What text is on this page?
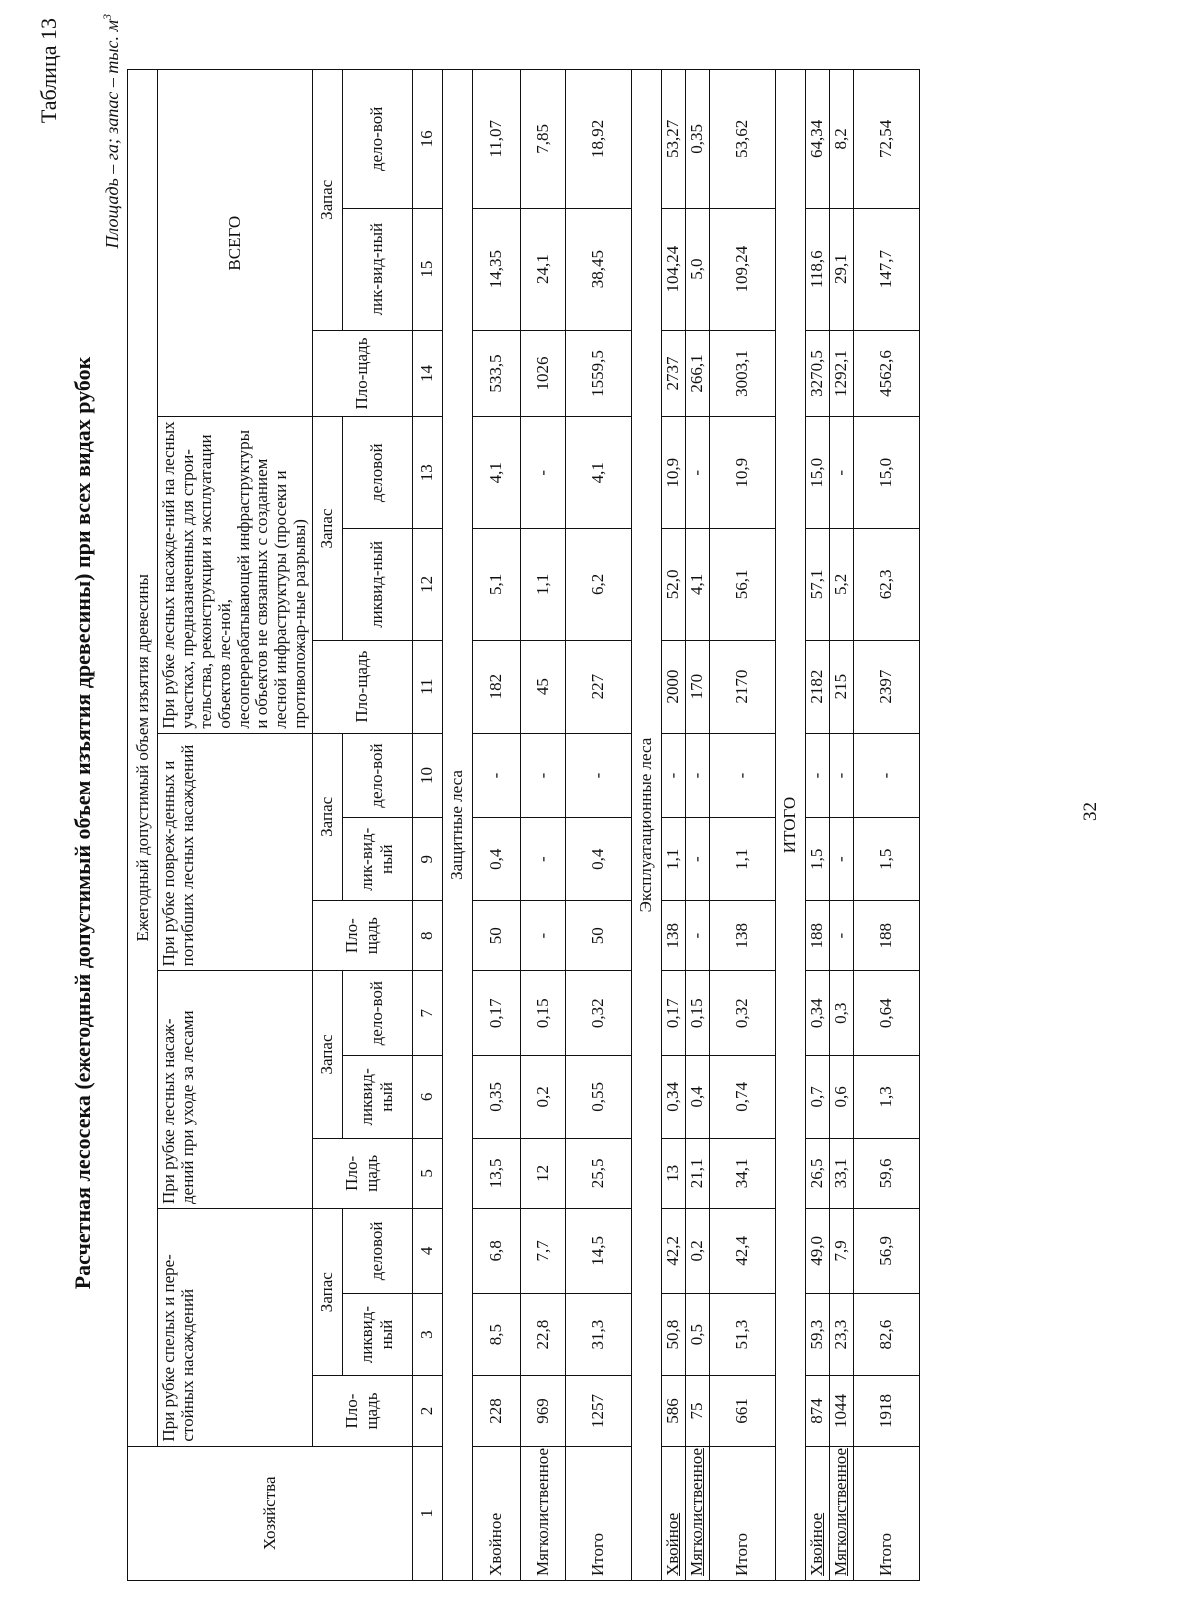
Таблица 13
Расчетная лесосека (ежегодный допустимый объем изъятия древесины) при всех видах рубок
Площадь – га; запас – тыс. $м^3$
Хозяйства	Ежегодный допустимый объем изъятия древесины														
	При рубке спелых и пере-стойных насаждений			При рубке лесных насаж-дений при уходе за лесами			При рубке повреж-денных и погибших лесных насаждений			При рубке лесных насажде-ний на лесных участках, предназначенных для строи-тельства, реконструкции и эксплуатации объектов лес-ной, лесоперерабатывающей инфраструктуры и объектов не связанных с созданием лесной инфраструктуры (просеки и противопожар-ные разрывы)			ВСЕГО		
	Пло-щадь	Запас		Пло-щадь	Запас		Пло-щадь	Запас		Пло-щадь	Запас		Пло-щадь	Запас	
		ликвид-ный	деловой		ликвид-ный	дело-вой		лик-вид-ный	дело-вой		ликвид-ный	деловой		лик-вид-ный	дело-вой
1	2	3	4	5	6	7	8	9	10	11	12	13	14	15	16
Защитные леса															
Хвойное	228	8,5	6,8	13,5	0,35	0,17	50	0,4	-	182	5,1	4,1	533,5	14,35	11,07
Мягколиственное	969	22,8	7,7	12	0,2	0,15	-	-	-	45	1,1	-	1026	24,1	7,85
Итого	1257	31,3	14,5	25,5	0,55	0,32	50	0,4	-	227	6,2	4,1	1559,5	38,45	18,92
Эксплуатационные леса															
Хвойное	586	50,8	42,2	13	0,34	0,17	138	1,1	-	2000	52,0	10,9	2737	104,24	53,27
Мягколиственное	75	0,5	0,2	21,1	0,4	0,15	-	-	-	170	4,1	-	266,1	5,0	0,35
Итого	661	51,3	42,4	34,1	0,74	0,32	138	1,1	-	2170	56,1	10,9	3003,1	109,24	53,62
ИТОГО															
Хвойное	874	59,3	49,0	26,5	0,7	0,34	188	1,5	-	2182	57,1	15,0	3270,5	118,6	64,34
Мягколиственное	1044	23,3	7,9	33,1	0,6	0,3	-	-	-	215	5,2	-	1292,1	29,1	8,2
Итого	1918	82,6	56,9	59,6	1,3	0,64	188	1,5	-	2397	62,3	15,0	4562,6	147,7	72,54
32
